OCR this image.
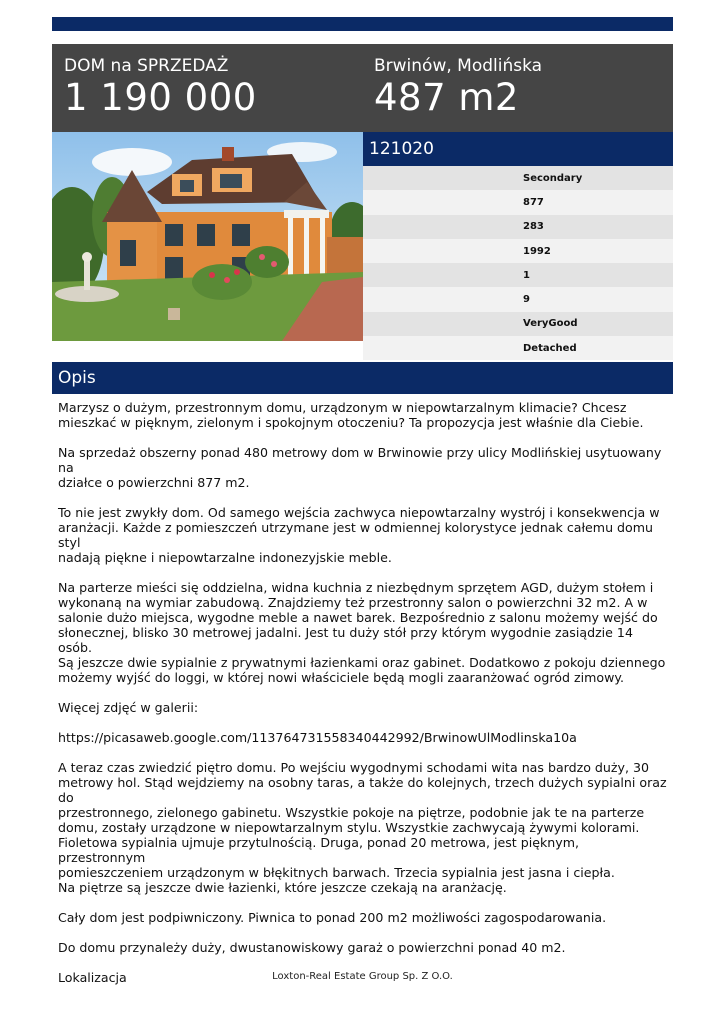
DOM na SPRZEDAŻ
1 190 000
Brwinów, Modlińska
487 m2
121020
Secondary
877
283
1992
1
9
VeryGood
Detached
Opis

Marzysz o dużym, przestronnym domu, urządzonym w niepowtarzalnym klimacie? Chcesz
mieszkać w pięknym, zielonym i spokojnym otoczeniu? Ta propozycja jest właśnie dla Ciebie.

Na sprzedaż obszerny ponad 480 metrowy dom w Brwinowie przy ulicy Modlińskiej usytuowany na
działce o powierzchni 877 m2.

To nie jest zwykły dom. Od samego wejścia zachwyca niepowtarzalny wystrój i konsekwencja w
aranżacji. Każde z pomieszczeń utrzymane jest w odmiennej kolorystyce jednak całemu domu styl
nadają piękne i niepowtarzalne indonezyjskie meble.

Na parterze mieści się oddzielna, widna kuchnia z niezbędnym sprzętem AGD, dużym stołem i
wykonaną na wymiar zabudową. Znajdziemy też przestronny salon o powierzchni 32 m2. A w
salonie dużo miejsca, wygodne meble a nawet barek. Bezpośrednio z salonu możemy wejść do
słonecznej, blisko 30 metrowej jadalni. Jest tu duży stół przy którym wygodnie zasiądzie 14 osób.
Są jeszcze dwie sypialnie z prywatnymi łazienkami oraz gabinet. Dodatkowo z pokoju dziennego
możemy wyjść do loggi, w której nowi właściciele będą mogli zaaranżować ogród zimowy.

Więcej zdjęć w galerii:

https://picasaweb.google.com/113764731558340442992/BrwinowUlModlinska10a

A teraz czas zwiedzić piętro domu. Po wejściu wygodnymi schodami wita nas bardzo duży, 30
metrowy hol. Stąd wejdziemy na osobny taras, a także do kolejnych, trzech dużych sypialni oraz do
przestronnego, zielonego gabinetu. Wszystkie pokoje na piętrze, podobnie jak te na parterze
domu, zostały urządzone w niepowtarzalnym stylu. Wszystkie zachwycają żywymi kolorami.
Fioletowa sypialnia ujmuje przytulnością. Druga, ponad 20 metrowa, jest pięknym, przestronnym
pomieszczeniem urządzonym w błękitnych barwach. Trzecia sypialnia jest jasna i ciepła.
Na piętrze są jeszcze dwie łazienki, które jeszcze czekają na aranżację.

Cały dom jest podpiwniczony. Piwnica to ponad 200 m2 możliwości zagospodarowania.

Do domu przynależy duży, dwustanowiskowy garaż o powierzchni ponad 40 m2.

Lokalizacja	Loxton-Real Estate Group Sp. Z O.O.
